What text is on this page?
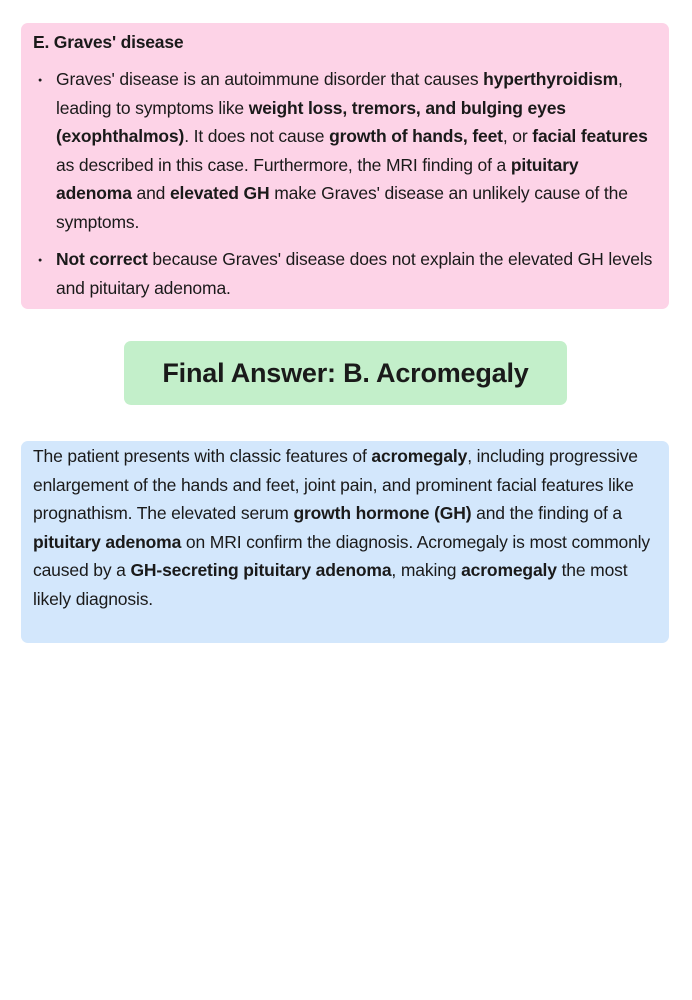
E. Graves' disease
● Graves' disease is an autoimmune disorder that causes hyperthyroidism, leading to symptoms like weight loss, tremors, and bulging eyes (exophthalmos). It does not cause growth of hands, feet, or facial features as described in this case. Furthermore, the MRI finding of a pituitary adenoma and elevated GH make Graves' disease an unlikely cause of the symptoms.
● Not correct because Graves' disease does not explain the elevated GH levels and pituitary adenoma.
Final Answer: B. Acromegaly
The patient presents with classic features of acromegaly, including progressive enlargement of the hands and feet, joint pain, and prominent facial features like prognathism. The elevated serum growth hormone (GH) and the finding of a pituitary adenoma on MRI confirm the diagnosis. Acromegaly is most commonly caused by a GH-secreting pituitary adenoma, making acromegaly the most likely diagnosis.
